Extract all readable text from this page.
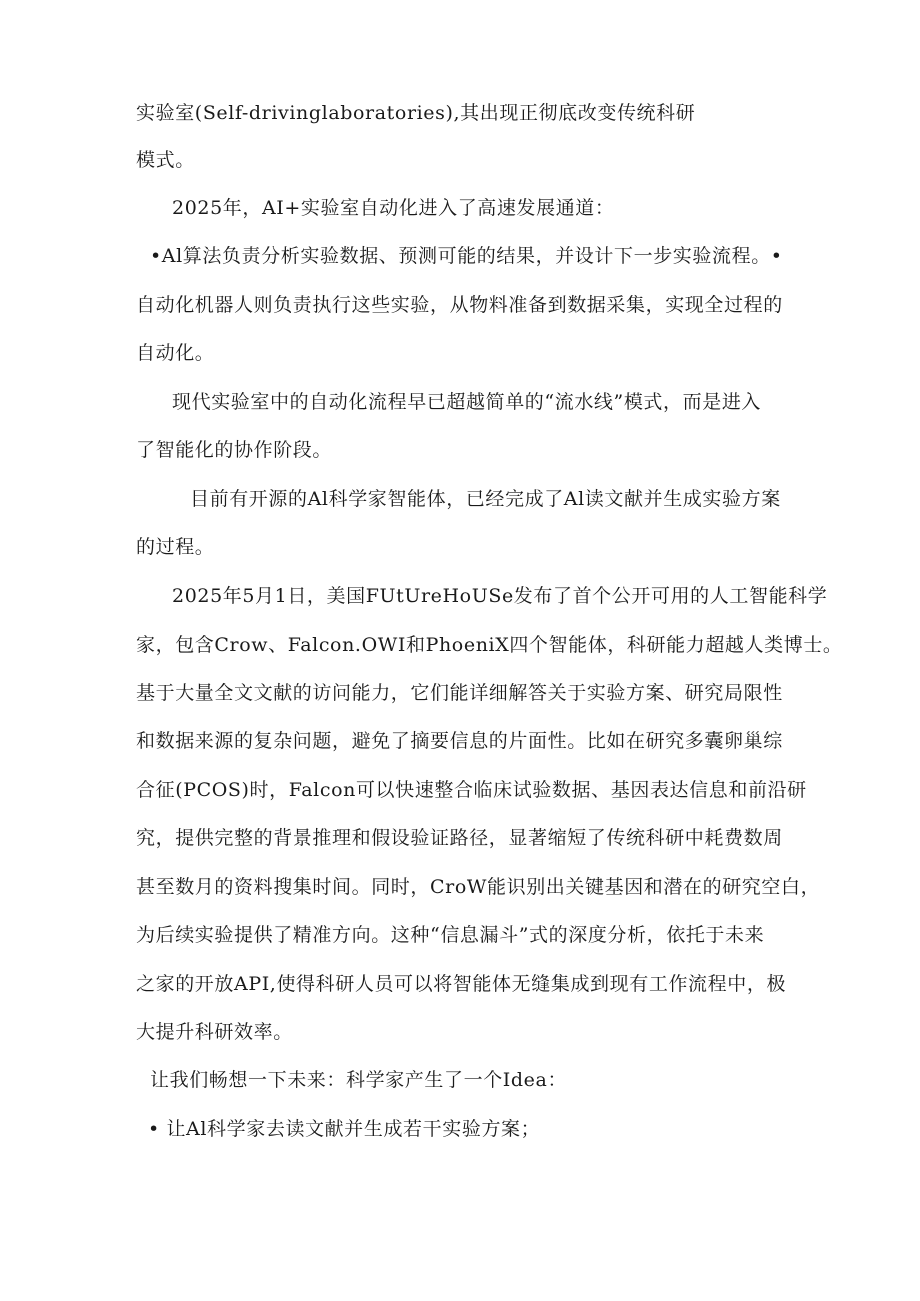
实验室(Self-drivinglaboratories),其出现正彻底改变传统科研
模式。
2025年，AI+实验室自动化进入了高速发展通道：
•Al算法负责分析实验数据、预测可能的结果，并设计下一步实验流程。•
自动化机器人则负责执行这些实验，从物料准备到数据采集，实现全过程的
自动化。
现代实验室中的自动化流程早已超越简单的“流水线”模式，而是进入
了智能化的协作阶段。
目前有开源的Al科学家智能体，已经完成了Al读文献并生成实验方案
的过程。
2025年5月1日，美国FUtUreHoUSe发布了首个公开可用的人工智能科学
家，包含Crow、Falcon.OWI和PhoeniX四个智能体，科研能力超越人类博士。
基于大量全文文献的访问能力，它们能详细解答关于实验方案、研究局限性
和数据来源的复杂问题，避免了摘要信息的片面性。比如在研究多囊卵巢综
合征(PCOS)时，Falcon可以快速整合临床试验数据、基因表达信息和前沿研
究，提供完整的背景推理和假设验证路径，显著缩短了传统科研中耗费数周
甚至数月的资料搜集时间。同时，CroW能识别出关键基因和潜在的研究空白，
为后续实验提供了精准方向。这种“信息漏斗”式的深度分析，依托于未来
之家的开放API,使得科研人员可以将智能体无缝集成到现有工作流程中，极
大提升科研效率。
让我们畅想一下未来：科学家产生了一个Idea：
• 让Al科学家去读文献并生成若干实验方案；
